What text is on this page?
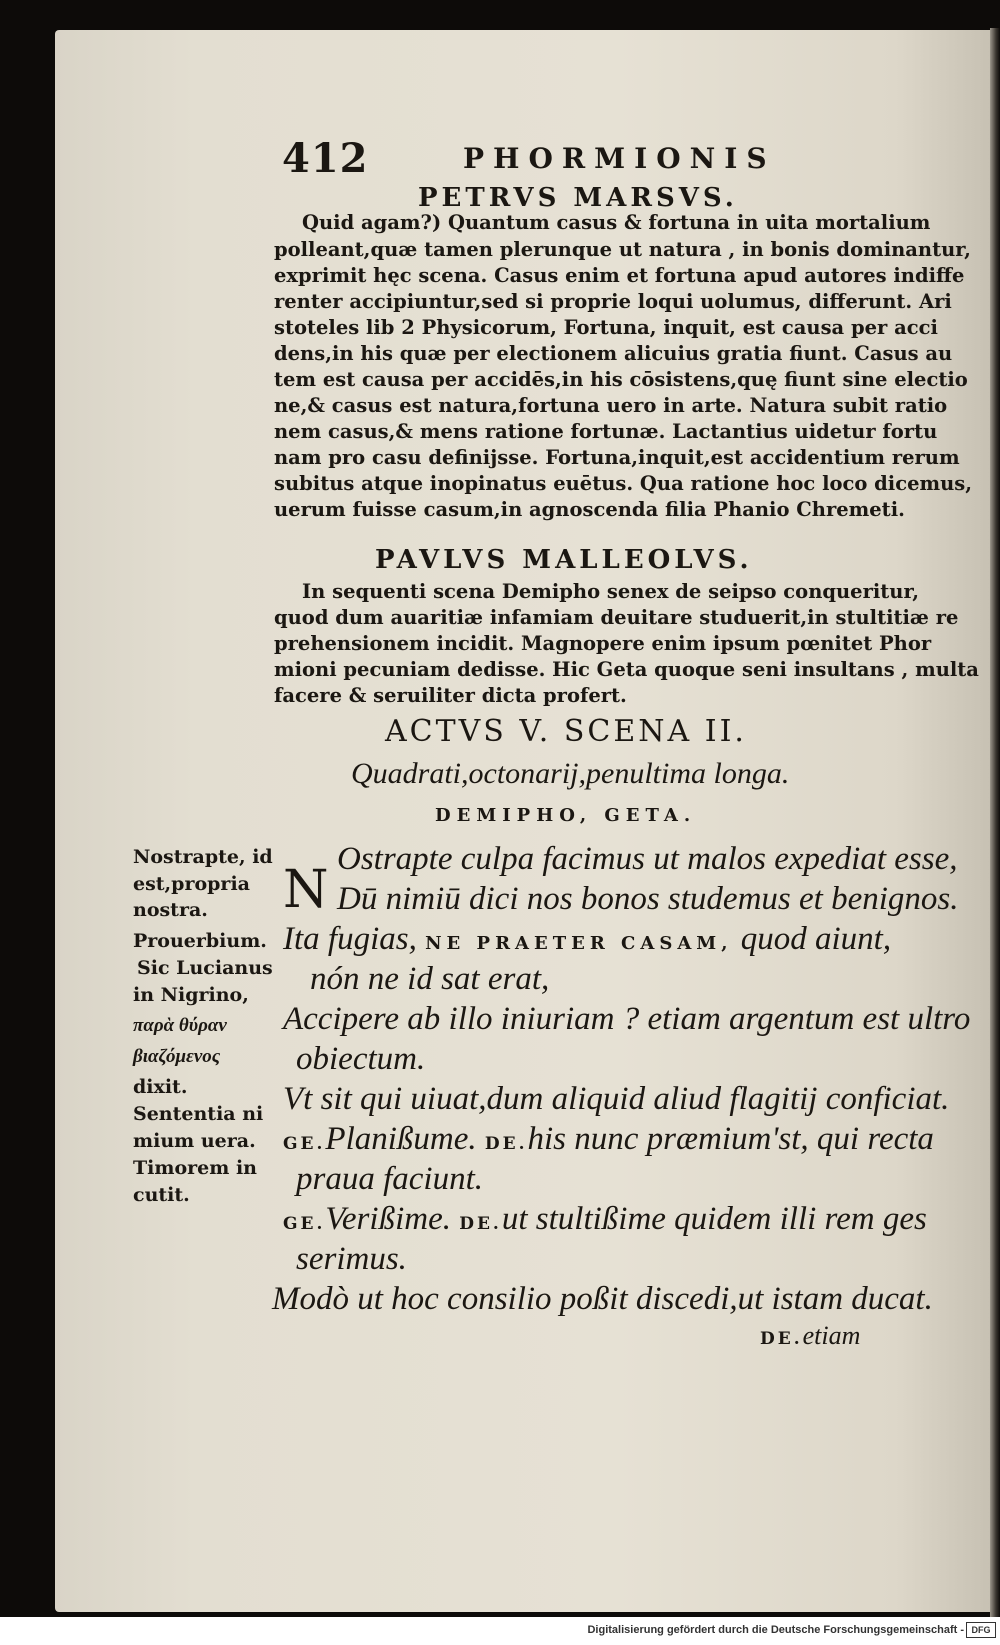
412	PHORMIONIS
PETRVS MARSVS.
Quid agam?) Quantum casus & fortuna in uita mortalium
polleant,quæ tamen plerunque ut natura , in bonis dominantur,
exprimit hęc scena. Casus enim et fortuna apud autores indiffe
renter accipiuntur,sed si proprie loqui uolumus, differunt. Ari
stoteles lib 2 Physicorum, Fortuna, inquit, est causa per acci
dens,in his quæ per electionem alicuius gratia fiunt. Casus au
tem est causa per accidēs,in his cōsistens,quę fiunt sine electio
ne,& casus est natura,fortuna uero in arte. Natura subit ratio
nem casus,& mens ratione fortunæ. Lactantius uidetur fortu
nam pro casu definijsse. Fortuna,inquit,est accidentium rerum
subitus atque inopinatus euētus. Qua ratione hoc loco dicemus,
uerum fuisse casum,in agnoscenda filia Phanio Chremeti.
PAVLVS MALLEOLVS.
In sequenti scena Demipho senex de seipso conqueritur,
quod dum auaritiæ infamiam deuitare studuerit,in stultitiæ re
prehensionem incidit. Magnopere enim ipsum pœnitet Phor
mioni pecuniam dedisse. Hic Geta quoque seni insultans , multa
facere & seruiliter dicta profert.
ACTVS V. SCENA II.
Quadrati,octonarij,penultima longa.
DEMIPHO, GETA.
N
Ostrapte culpa facimus ut malos expediat esse,
Dū nimiū dici nos bonos studemus et benignos.
Ita fugias, NE PRAETER CASAM, quod aiunt,
nón ne id sat erat,
Accipere ab illo iniuriam ? etiam argentum est ultro
obiectum.
Vt sit qui uiuat,dum aliquid aliud flagitij conficiat.
GE.Planißume. DE.his nunc præmium'st, qui recta
praua faciunt.
GE.Verißime. DE.ut stultißime quidem illi rem ges
serimus.
Modò ut hoc consilio poßit discedi,ut istam ducat.
DE.etiam
Nostrapte, id
est,propria
nostra.
Prouerbium.
Sic Lucianus
in Nigrino,
παρὰ θύραν
βιαζόμενος
dixit.
Sententia ni
mium uera.
Timorem in
cutit.
Digitalisierung gefördert durch die Deutsche Forschungsgemeinschaft - DFG
